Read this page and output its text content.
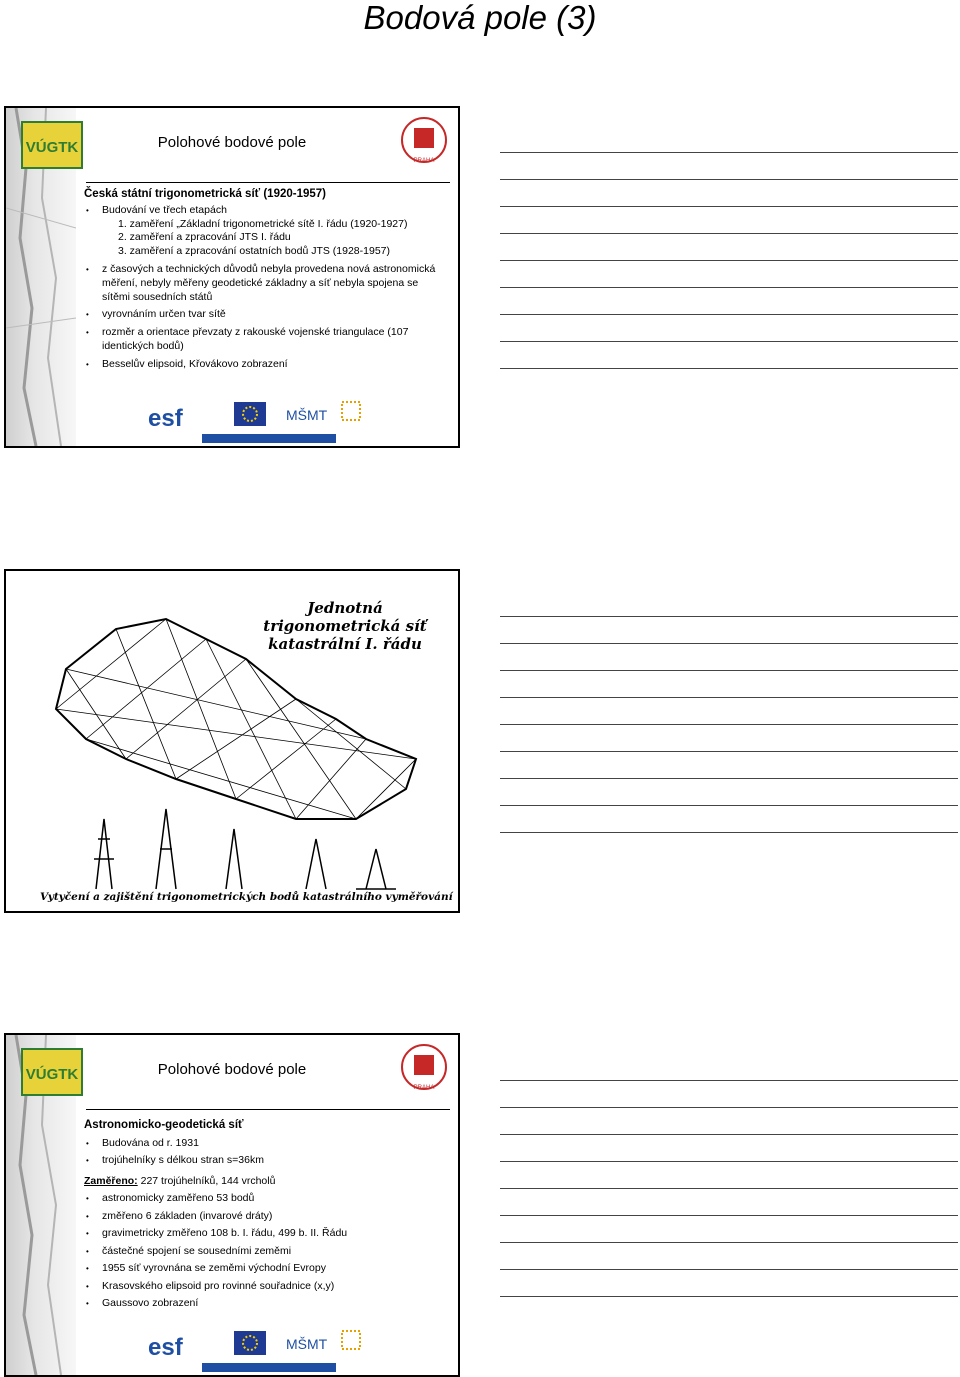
Bodová pole (3)
VÚGTK	Polohové bodové pole
PRAHA
Česká státní trigonometrická síť (1920-1957)
• Budování ve třech etapách
1. zaměření „Základní trigonometrické sítě I. řádu (1920-1927)
2. zaměření a zpracování JTS I. řádu
3. zaměření a zpracování ostatních bodů JTS (1928-1957)
• z časových a technických důvodů nebyla provedena nová astronomická měření, nebyly měřeny geodetické základny a síť nebyla spojena se sítěmi sousedních států
• vyrovnáním určen tvar sítě
• rozměr a orientace převzaty z rakouské vojenské triangulace (107 identických bodů)
• Besselův elipsoid, Křovákovo zobrazení
esf	MŠMT
Jednotná trigonometrická síť katastrální I. řádu
Vytyčení a zajištění trigonometrických bodů katastrálního vyměřování
VÚGTK	Polohové bodové pole
PRAHA
Astronomicko-geodetická síť
• Budována od r. 1931
• trojúhelníky s délkou stran s=36km
Zaměřeno: 227 trojúhelníků, 144 vrcholů
• astronomicky zaměřeno 53 bodů
• změřeno 6 základen (invarové dráty)
• gravimetricky změřeno 108 b. I. řádu, 499 b. II. Řádu
• částečné spojení se sousedními zeměmi
• 1955 síť vyrovnána se zeměmi východní Evropy
• Krasovského elipsoid pro rovinné souřadnice (x,y)
• Gaussovo zobrazení
esf	MŠMT
